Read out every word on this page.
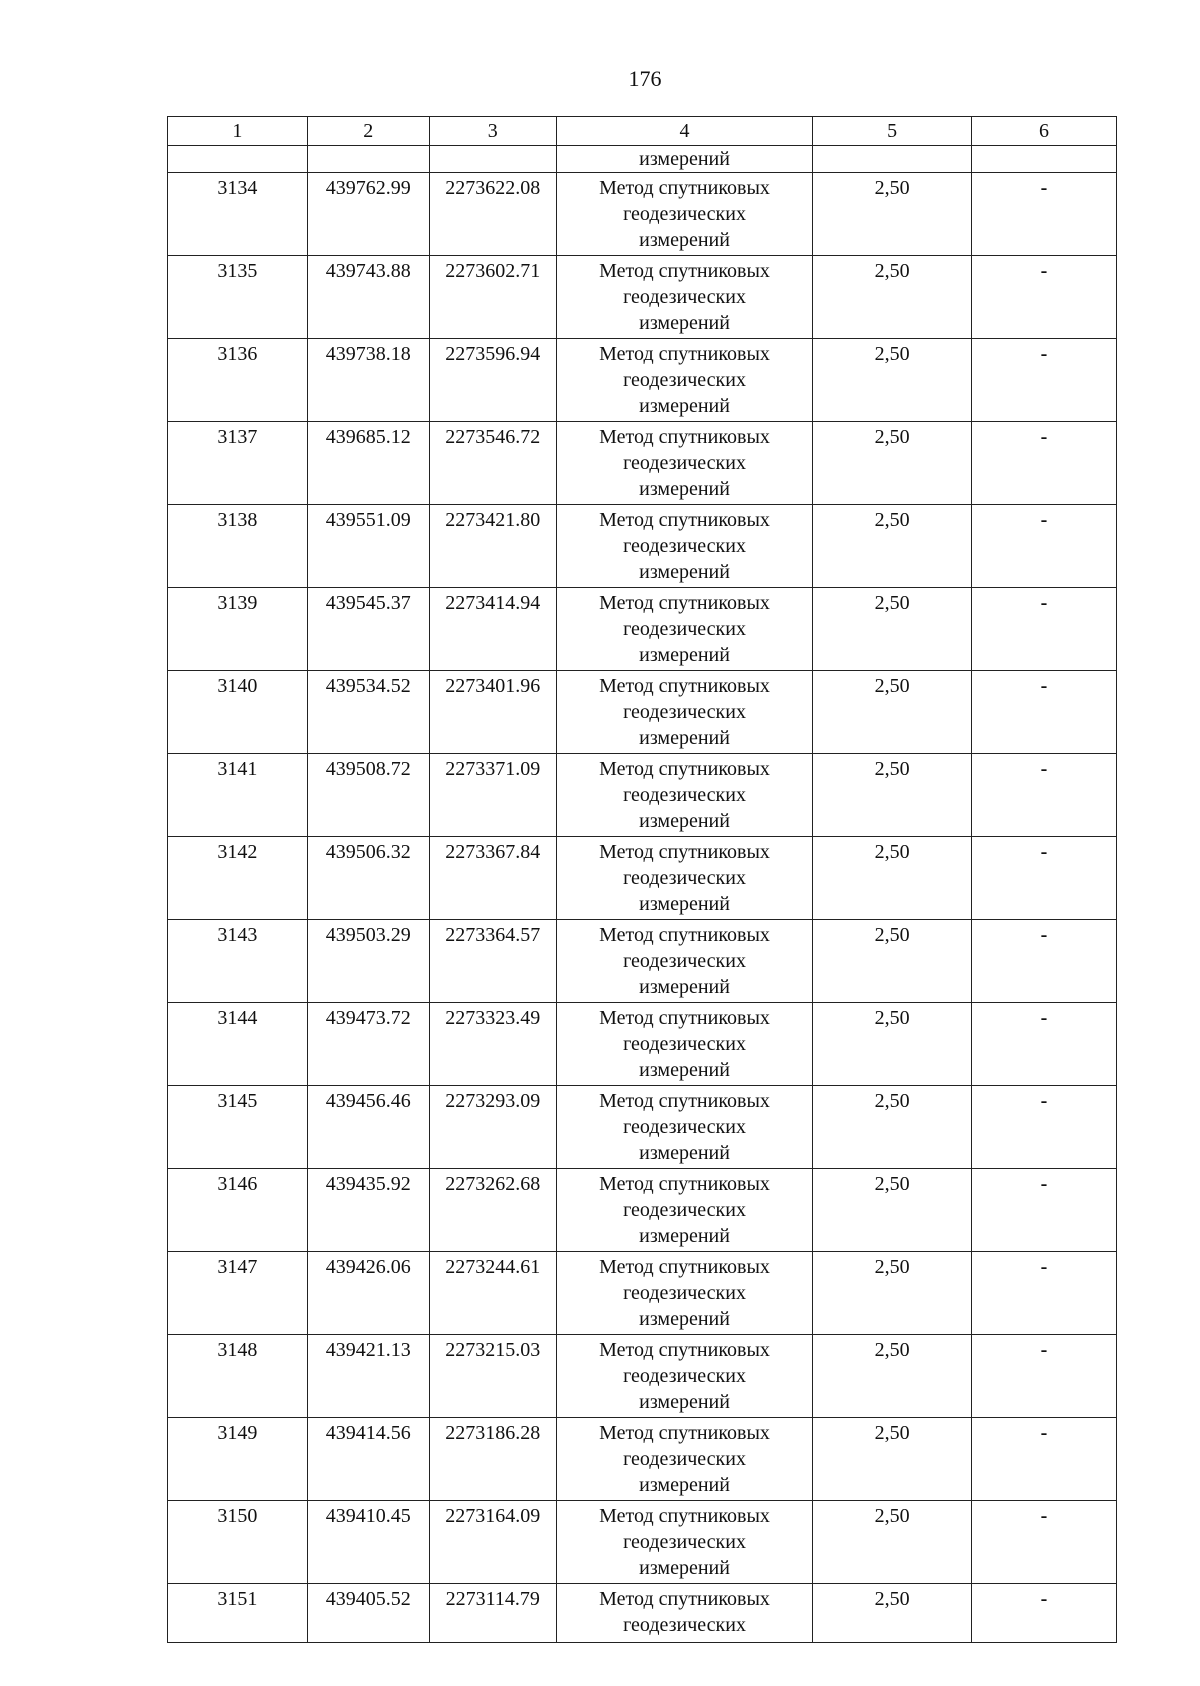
176
1	2	3	4	5	6
			измерений		
3134	439762.99	2273622.08	Метод спутниковых
геодезических
измерений	2,50	-
3135	439743.88	2273602.71	Метод спутниковых
геодезических
измерений	2,50	-
3136	439738.18	2273596.94	Метод спутниковых
геодезических
измерений	2,50	-
3137	439685.12	2273546.72	Метод спутниковых
геодезических
измерений	2,50	-
3138	439551.09	2273421.80	Метод спутниковых
геодезических
измерений	2,50	-
3139	439545.37	2273414.94	Метод спутниковых
геодезических
измерений	2,50	-
3140	439534.52	2273401.96	Метод спутниковых
геодезических
измерений	2,50	-
3141	439508.72	2273371.09	Метод спутниковых
геодезических
измерений	2,50	-
3142	439506.32	2273367.84	Метод спутниковых
геодезических
измерений	2,50	-
3143	439503.29	2273364.57	Метод спутниковых
геодезических
измерений	2,50	-
3144	439473.72	2273323.49	Метод спутниковых
геодезических
измерений	2,50	-
3145	439456.46	2273293.09	Метод спутниковых
геодезических
измерений	2,50	-
3146	439435.92	2273262.68	Метод спутниковых
геодезических
измерений	2,50	-
3147	439426.06	2273244.61	Метод спутниковых
геодезических
измерений	2,50	-
3148	439421.13	2273215.03	Метод спутниковых
геодезических
измерений	2,50	-
3149	439414.56	2273186.28	Метод спутниковых
геодезических
измерений	2,50	-
3150	439410.45	2273164.09	Метод спутниковых
геодезических
измерений	2,50	-
3151	439405.52	2273114.79	Метод спутниковых
геодезических	2,50	-
